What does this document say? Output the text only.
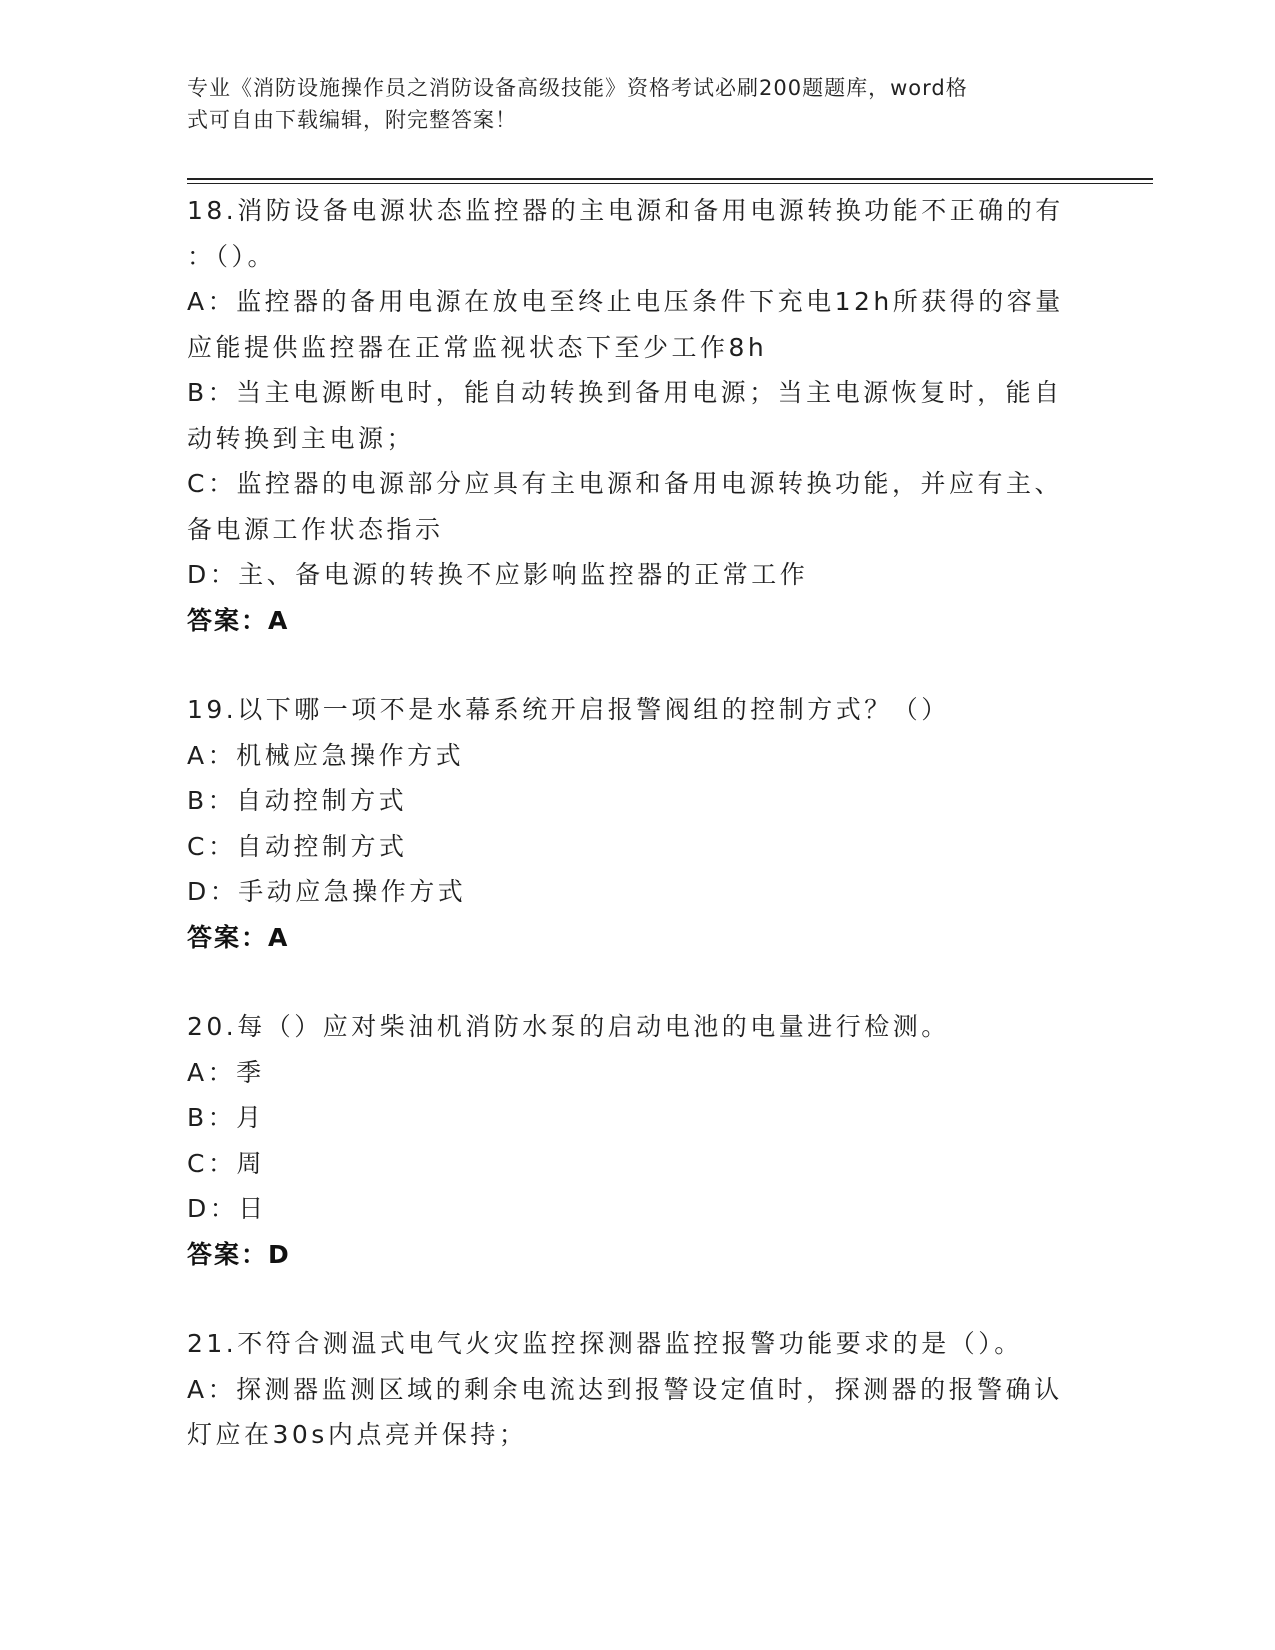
专业《消防设施操作员之消防设备高级技能》资格考试必刷200题题库，word格
式可自由下载编辑，附完整答案！
18.消防设备电源状态监控器的主电源和备用电源转换功能不正确的有
：（）。
A：监控器的备用电源在放电至终止电压条件下充电12h所获得的容量
应能提供监控器在正常监视状态下至少工作8h
B：当主电源断电时，能自动转换到备用电源；当主电源恢复时，能自
动转换到主电源；
C：监控器的电源部分应具有主电源和备用电源转换功能，并应有主、
备电源工作状态指示
D：主、备电源的转换不应影响监控器的正常工作
答案：A
19.以下哪一项不是水幕系统开启报警阀组的控制方式？（）
A：机械应急操作方式
B：自动控制方式
C：自动控制方式
D：手动应急操作方式
答案：A
20.每（）应对柴油机消防水泵的启动电池的电量进行检测。
A：季
B：月
C：周
D：日
答案：D
21.不符合测温式电气火灾监控探测器监控报警功能要求的是（）。
A：探测器监测区域的剩余电流达到报警设定值时，探测器的报警确认
灯应在30s内点亮并保持；
